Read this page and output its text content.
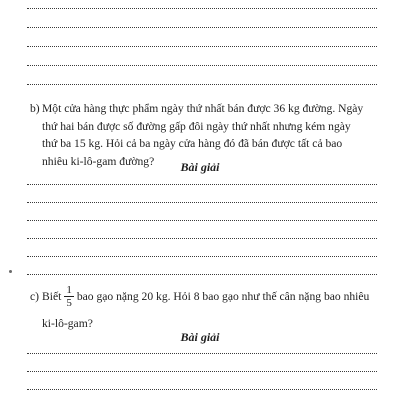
b) Một cửa hàng thực phẩm ngày thứ nhất bán được 36 kg đường. Ngày
thứ hai bán được số đường gấp đôi ngày thứ nhất nhưng kém ngày
thứ ba 15 kg. Hỏi cả ba ngày cửa hàng đó đã bán được tất cả bao
nhiêu ki-lô-gam đường?	Bài giải
c) Biết $\frac{1}{5}$ bao gạo nặng 20 kg. Hỏi 8 bao gạo như thế cân nặng bao nhiêu
ki-lô-gam?
Bài giải
